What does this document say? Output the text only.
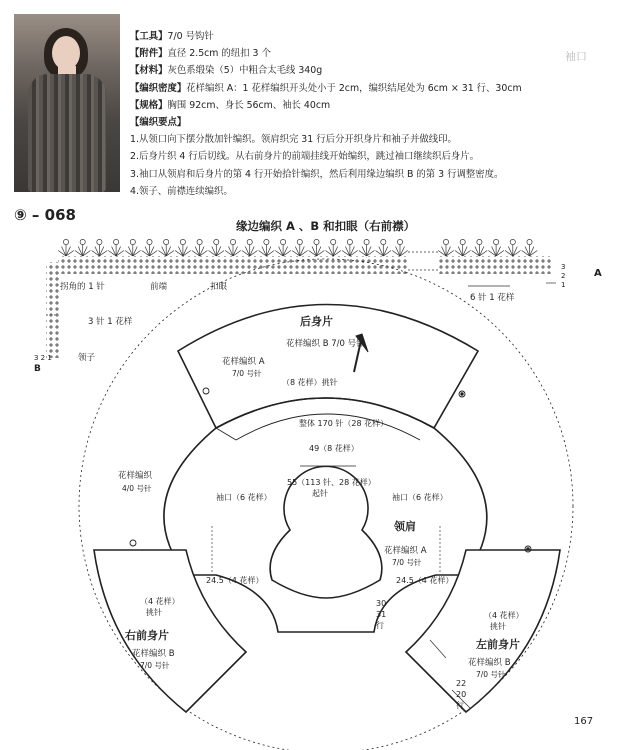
【工具】7/0 号钩针
【附件】直径 2.5cm 的纽扣 3 个
【材料】灰色系缎染（5）中粗合太毛线 340g
【编织密度】花样编织 A：1 花样编织开头处小于 2cm，编织结尾处为 6cm × 31 行、30cm
【规格】胸围 92cm、身长 56cm、袖长 40cm
【编织要点】
1.从领口向下摆分散加针编织。领肩织完 31 行后分开织身片和袖子并做线印。
2.后身片织 4 行后切线。从右前身片的前端挂线开始编织，跳过袖口继续织后身片。
3.袖口从领肩和后身片的第 4 行开始拾针编织，然后利用缘边编织 B 的第 3 行调整密度。
4.领子、前襟连续编织。
袖口
⑨ – 068
缘边编织 A 、B 和扣眼（右前襟）
拐角的 1 针	前端	扣眼
3 针 1 花样
领子
3 2 1
B
3
2
1
A
6 针 1 花样
后身片
花样编织 B 7/0 号针
花样编织 A
7/0 号针
（8 花样）挑针
整体 170 针（28 花样）
49（8 花样）
袖口（6 花样）	袖口（6 花样）
55（113 针、28 花样）
起针
领肩
花样编织 A
7/0 号针
花样编织
4/0 号针
24.5（4 花样）	24.5（4 花样）
（4 花样）
挑针	（4 花样）
挑针
右前身片
花样编织 B
7/0 号针
左前身片
花样编织 B
7/0 号针
30
31
行
22
20
行
167
